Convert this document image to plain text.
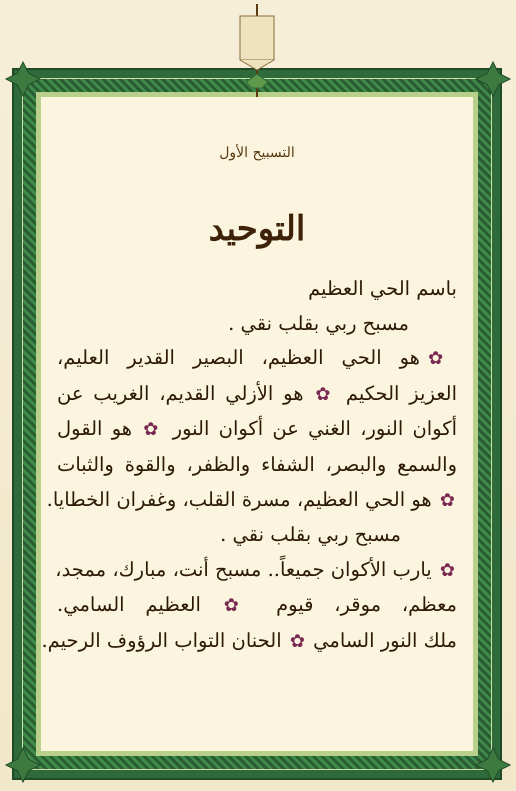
التسبيح الأول
التوحيد
باسم الحي العظيم
مسبح ربي بقلب نقي .
✿ هو الحي العظيم، البصير القدير العليم،
العزيز الحكيم ✿ هو الأزلي القديم، الغريب عن
أكوان النور، الغني عن أكوان النور ✿ هو القول
والسمع والبصر، الشفاء والظفر، والقوة والثبات
✿ هو الحي العظيم، مسرة القلب، وغفران الخطايا.
مسبح ربي بقلب نقي .
✿ يارب الأكوان جميعاً.. مسبح أنت، مبارك، ممجد،
معظم، موقر، قيوم ✿ العظيم السامي.
ملك النور السامي ✿ الحنان التواب الرؤوف الرحيم.
